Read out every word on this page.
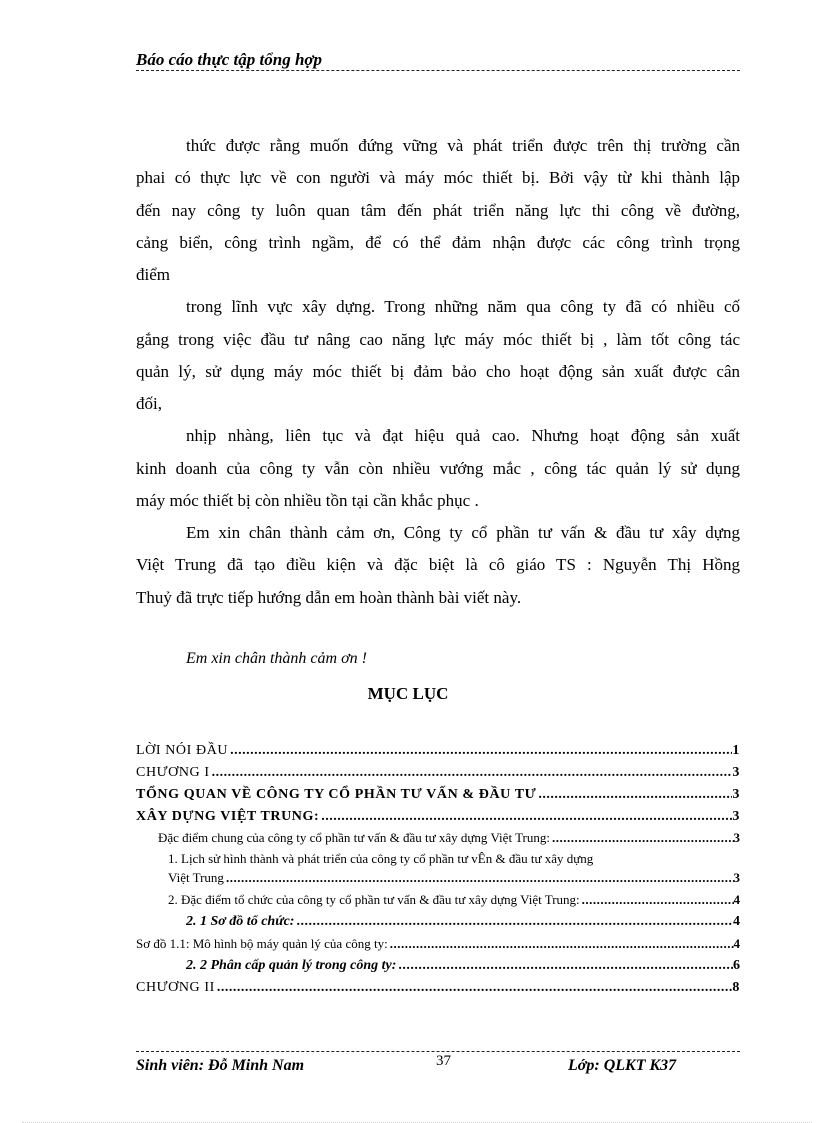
Báo cáo thực tập tổng hợp
thức được rằng muốn đứng vững và phát triển được trên thị trường cần
phai có thực lực về con người và máy móc thiết bị. Bởi vậy từ khi thành lập
đến nay công ty luôn quan tâm đến phát triển năng lực thi công về đường,
cảng biển, công trình ngầm, để có thể đảm nhận được các công trình trọng
điểm
trong lĩnh vực xây dựng. Trong những năm qua công ty đã có nhiều cố
gắng trong việc đầu tư nâng cao năng lực máy móc thiết bị , làm tốt công tác
quản lý, sử dụng máy móc thiết bị đảm bảo cho hoạt động sản xuất được cân
đối,
nhịp nhàng, liên tục và đạt hiệu quả cao. Nhưng hoạt động sản xuất
kinh doanh của công ty vẫn còn nhiều vướng mắc , công tác quản lý sử dụng
máy móc thiết bị còn nhiều tồn tại cần khắc phục .
Em xin chân thành cảm ơn, Công ty cổ phần tư vấn & đầu tư xây dựng
Việt Trung đã tạo điều kiện và đặc biệt là cô giáo TS : Nguyễn Thị Hồng
Thuỷ đã trực tiếp hướng dẫn em hoàn thành bài viết này.
Em xin chân thành cảm ơn !
MỤC LỤC
LỜI NÓI ĐẦU .....	1
CHƯƠNG I .....	3
TỔNG QUAN VỀ CÔNG TY CỔ PHẦN TƯ VẤN & ĐẦU TƯ .....	3
XÂY DỰNG VIỆT TRUNG: .....	3
Đặc điểm chung của công ty cổ phần tư vấn & đầu tư xây dựng Việt Trung: .....	3
1. Lịch sử hình thành và phát triển của công ty cổ phần tư vÊn & đầu tư xây dựng
Việt Trung .....	3
2. Đặc điểm tổ chức của công ty cổ phần tư vấn & đầu tư xây dựng Việt Trung: .....	4
2. 1 Sơ đồ tổ chức: .....	4
Sơ đồ 1.1: Mô hình bộ máy quản lý của công ty: .....	4
2. 2 Phân cấp quản lý trong công ty: .....	6
CHƯƠNG II .....	8
Sinh viên: Đỗ Minh Nam	37	Lớp: QLKT K37
